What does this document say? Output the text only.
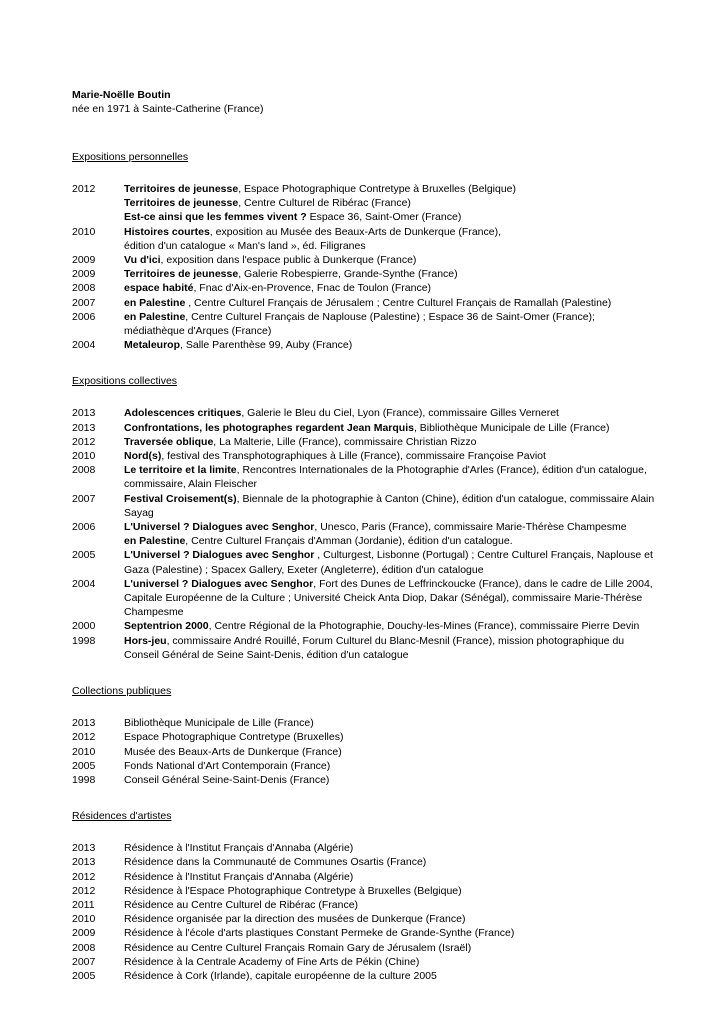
Marie-Noëlle Boutin
née en 1971 à Sainte-Catherine (France)
Expositions personnelles
2012	Territoires de jeunesse, Espace Photographique Contretype à Bruxelles (Belgique)
Territoires de jeunesse, Centre Culturel de Ribérac (France)
Est-ce ainsi que les femmes vivent ? Espace 36, Saint-Omer (France)
2010	Histoires courtes, exposition au Musée des Beaux-Arts de Dunkerque (France),
édition d'un catalogue « Man's land », éd. Filigranes
2009	Vu d'ici, exposition dans l'espace public à Dunkerque (France)
2009	Territoires de jeunesse, Galerie Robespierre, Grande-Synthe (France)
2008	espace habité, Fnac d'Aix-en-Provence, Fnac de Toulon (France)
2007	en Palestine , Centre Culturel Français de Jérusalem ; Centre Culturel Français de Ramallah (Palestine)
2006	en Palestine, Centre Culturel Français de Naplouse (Palestine) ; Espace 36 de Saint-Omer (France);
médiathèque d'Arques (France)
2004	Metaleurop, Salle Parenthèse 99, Auby (France)
Expositions collectives
2013	Adolescences critiques, Galerie le Bleu du Ciel, Lyon (France), commissaire Gilles Verneret
2013	Confrontations, les photographes regardent Jean Marquis, Bibliothèque Municipale de Lille (France)
2012	Traversée oblique, La Malterie, Lille (France), commissaire Christian Rizzo
2010	Nord(s), festival des Transphotographiques à Lille (France), commissaire Françoise Paviot
2008	Le territoire et la limite, Rencontres Internationales de la Photographie d'Arles (France), édition d'un catalogue,
commissaire, Alain Fleischer
2007	Festival Croisement(s), Biennale de la photographie à Canton (Chine), édition d'un catalogue, commissaire Alain
Sayag
2006	L'Universel ? Dialogues avec Senghor, Unesco, Paris (France), commissaire Marie-Thérèse Champesme
en Palestine, Centre Culturel Français d'Amman (Jordanie), édition d'un catalogue.
2005	L'Universel ? Dialogues avec Senghor , Culturgest, Lisbonne (Portugal) ; Centre Culturel Français, Naplouse et
Gaza (Palestine) ; Spacex Gallery, Exeter (Angleterre), édition d'un catalogue
2004	L'universel ? Dialogues avec Senghor, Fort des Dunes de Leffrinckoucke (France), dans le cadre de Lille 2004,
Capitale Européenne de la Culture ; Université Cheick Anta Diop, Dakar (Sénégal), commissaire Marie-Thérèse
Champesme
2000	Septentrion 2000, Centre Régional de la Photographie, Douchy-les-Mines (France), commissaire Pierre Devin
1998	Hors-jeu, commissaire André Rouillé, Forum Culturel du Blanc-Mesnil (France), mission photographique du
Conseil Général de Seine Saint-Denis, édition d'un catalogue
Collections publiques
2013	Bibliothèque Municipale de Lille (France)
2012	Espace Photographique Contretype (Bruxelles)
2010	Musée des Beaux-Arts de Dunkerque (France)
2005	Fonds National d'Art Contemporain (France)
1998	Conseil Général Seine-Saint-Denis (France)
Résidences d'artistes
2013	Résidence à l'Institut Français d'Annaba (Algérie)
2013	Résidence dans la Communauté de Communes Osartis (France)
2012	Résidence à l'Institut Français d'Annaba (Algérie)
2012	Résidence à l'Espace Photographique Contretype à Bruxelles (Belgique)
2011	Résidence au Centre Culturel de Ribérac (France)
2010	Résidence organisée par la direction des musées de Dunkerque (France)
2009	Résidence à l'école d'arts plastiques Constant Permeke de Grande-Synthe (France)
2008	Résidence au Centre Culturel Français Romain Gary de Jérusalem (Israël)
2007	Résidence à la Centrale Academy of Fine Arts de Pékin (Chine)
2005	Résidence à Cork (Irlande), capitale européenne de la culture 2005
